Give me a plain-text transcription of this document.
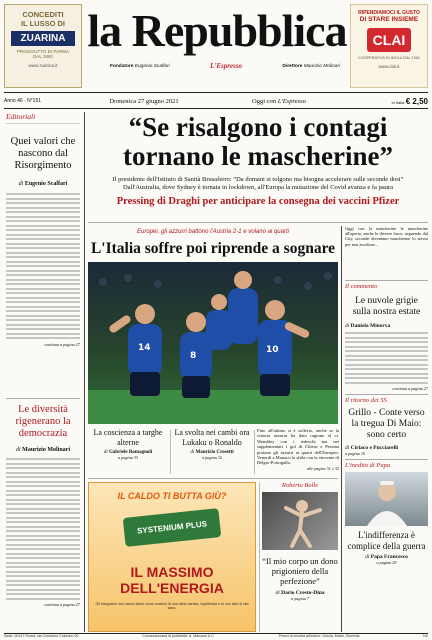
CONCEDITI
IL LUSSO DI
ZUARINA
PROSCIUTTO DI PARMA
DAL 1860
www.zuarina.it
la Repubblica
Fondatore Eugenio Scalfari	L'Espresso	Direttore Maurizio Molinari
RIPENDIAMOCI IL GUSTO
DI STARE INSIEME
CLAI
COOPERATIVA DI IMOLA DAL 1962
www.clai.it
Anno 46 · N°151	Domenica 27 giugno 2021	Oggi con L'Espresso	In Italia € 2,50
Editoriali
Quei valori che nascono dal Risorgimento
di Eugenio Scalfari
continua a pagina 27
Le diversità rigenerano la democrazia
di Maurizio Molinari
continua a pagina 27
“Se risalgono i contagi
tornano le mascherine”
Il presidente dell'Istituto di Sanità Brusaferro: “Da domani si tolgono ma bisogna accelerare sulle seconde dosi” Dall'Australia, dove Sydney è tornata in lockdown, all'Europa la mutazione del Covid avanza e fa paura
Pressing di Draghi per anticipare la consegna dei vaccini Pfizer
Europei, gli azzurri battono l'Austria 2-1 e volano ai quarti
L'Italia soffre poi riprende a sognare
14
8
10
La coscienza a targhe alterne
di Gabriele Romagnoli
a pagina 33
La svolta nei cambi ora Lukaku o Ronaldo
di Maurizio Crosetti
a pagina 32
Fino all'ultimo si è sofferto, anche se la vittoria azzurra ha dato ragione al ct. Wembley con i tedeschi ma nei supplementari i gol di Chiesa e Pessina portano gli azzurri ai quarti dell'Europeo. Venerdì a Monaco la sfida con la vincente di Belgio-Portogallo.
alle pagine 31 e 32
IL CALDO TI BUTTA GIÙ?
SYSTENIUM PLUS
IL MASSIMO
DELL'ENERGIA
Gli integratori non vanno intesi come sostituti di una dieta variata, equilibrata e di uno stile di vita sano.
Roberto Bolle
“Il mio corpo un dono prigioniero della perfezione”
di Dario Cresto-Dina
a pagina 7
Oggi con la mascherine le mascherine all'aperto, anche le diverse fasce, seguendo dal City, seconde diventano mascherine lo stesso per non ascoltare...
Il commento
Le nuvole grigie sulla nostra estate
di Daniela Minerva
continua a pagina 27
Il ritorno dei 5S
Grillo - Conte verso la tregua Di Maio: sono certo
di Ciriaco e Pucciarelli
a pagina 10
L'inedito di Papa
L'indifferenza è complice della guerra
di Papa Francesco
a pagina 29
Sede: 00147 Roma, via Cristoforo Colombo 90	Concessionaria di pubblicità: A. Manzoni & C.	Prezzi di vendita all'estero: Grecia, Malta, Slovenia	NZ
